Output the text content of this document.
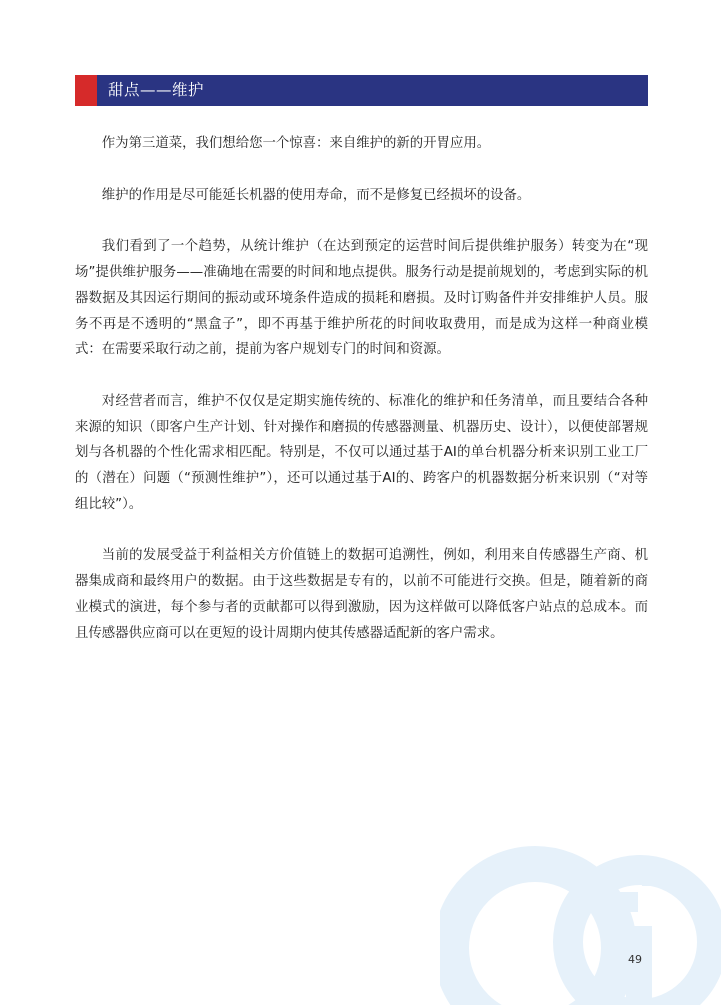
甜点——维护

作为第三道菜，我们想给您一个惊喜：来自维护的新的开胃应用。

维护的作用是尽可能延长机器的使用寿命，而不是修复已经损坏的设备。

我们看到了一个趋势，从统计维护（在达到预定的运营时间后提供维护服务）转变为在“现场”提供维护服务——准确地在需要的时间和地点提供。服务行动是提前规划的，考虑到实际的机器数据及其因运行期间的振动或环境条件造成的损耗和磨损。及时订购备件并安排维护人员。服务不再是不透明的“黑盒子”，即不再基于维护所花的时间收取费用，而是成为这样一种商业模式：在需要采取行动之前，提前为客户规划专门的时间和资源。

对经营者而言，维护不仅仅是定期实施传统的、标准化的维护和任务清单，而且要结合各种来源的知识（即客户生产计划、针对操作和磨损的传感器测量、机器历史、设计），以便使部署规划与各机器的个性化需求相匹配。特别是，不仅可以通过基于AI的单台机器分析来识别工业工厂的（潜在）问题（“预测性维护”），还可以通过基于AI的、跨客户的机器数据分析来识别（“对等组比较”）。

当前的发展受益于利益相关方价值链上的数据可追溯性，例如，利用来自传感器生产商、机器集成商和最终用户的数据。由于这些数据是专有的，以前不可能进行交换。但是，随着新的商业模式的演进，每个参与者的贡献都可以得到激励，因为这样做可以降低客户站点的总成本。而且传感器供应商可以在更短的设计周期内使其传感器适配新的客户需求。

49
